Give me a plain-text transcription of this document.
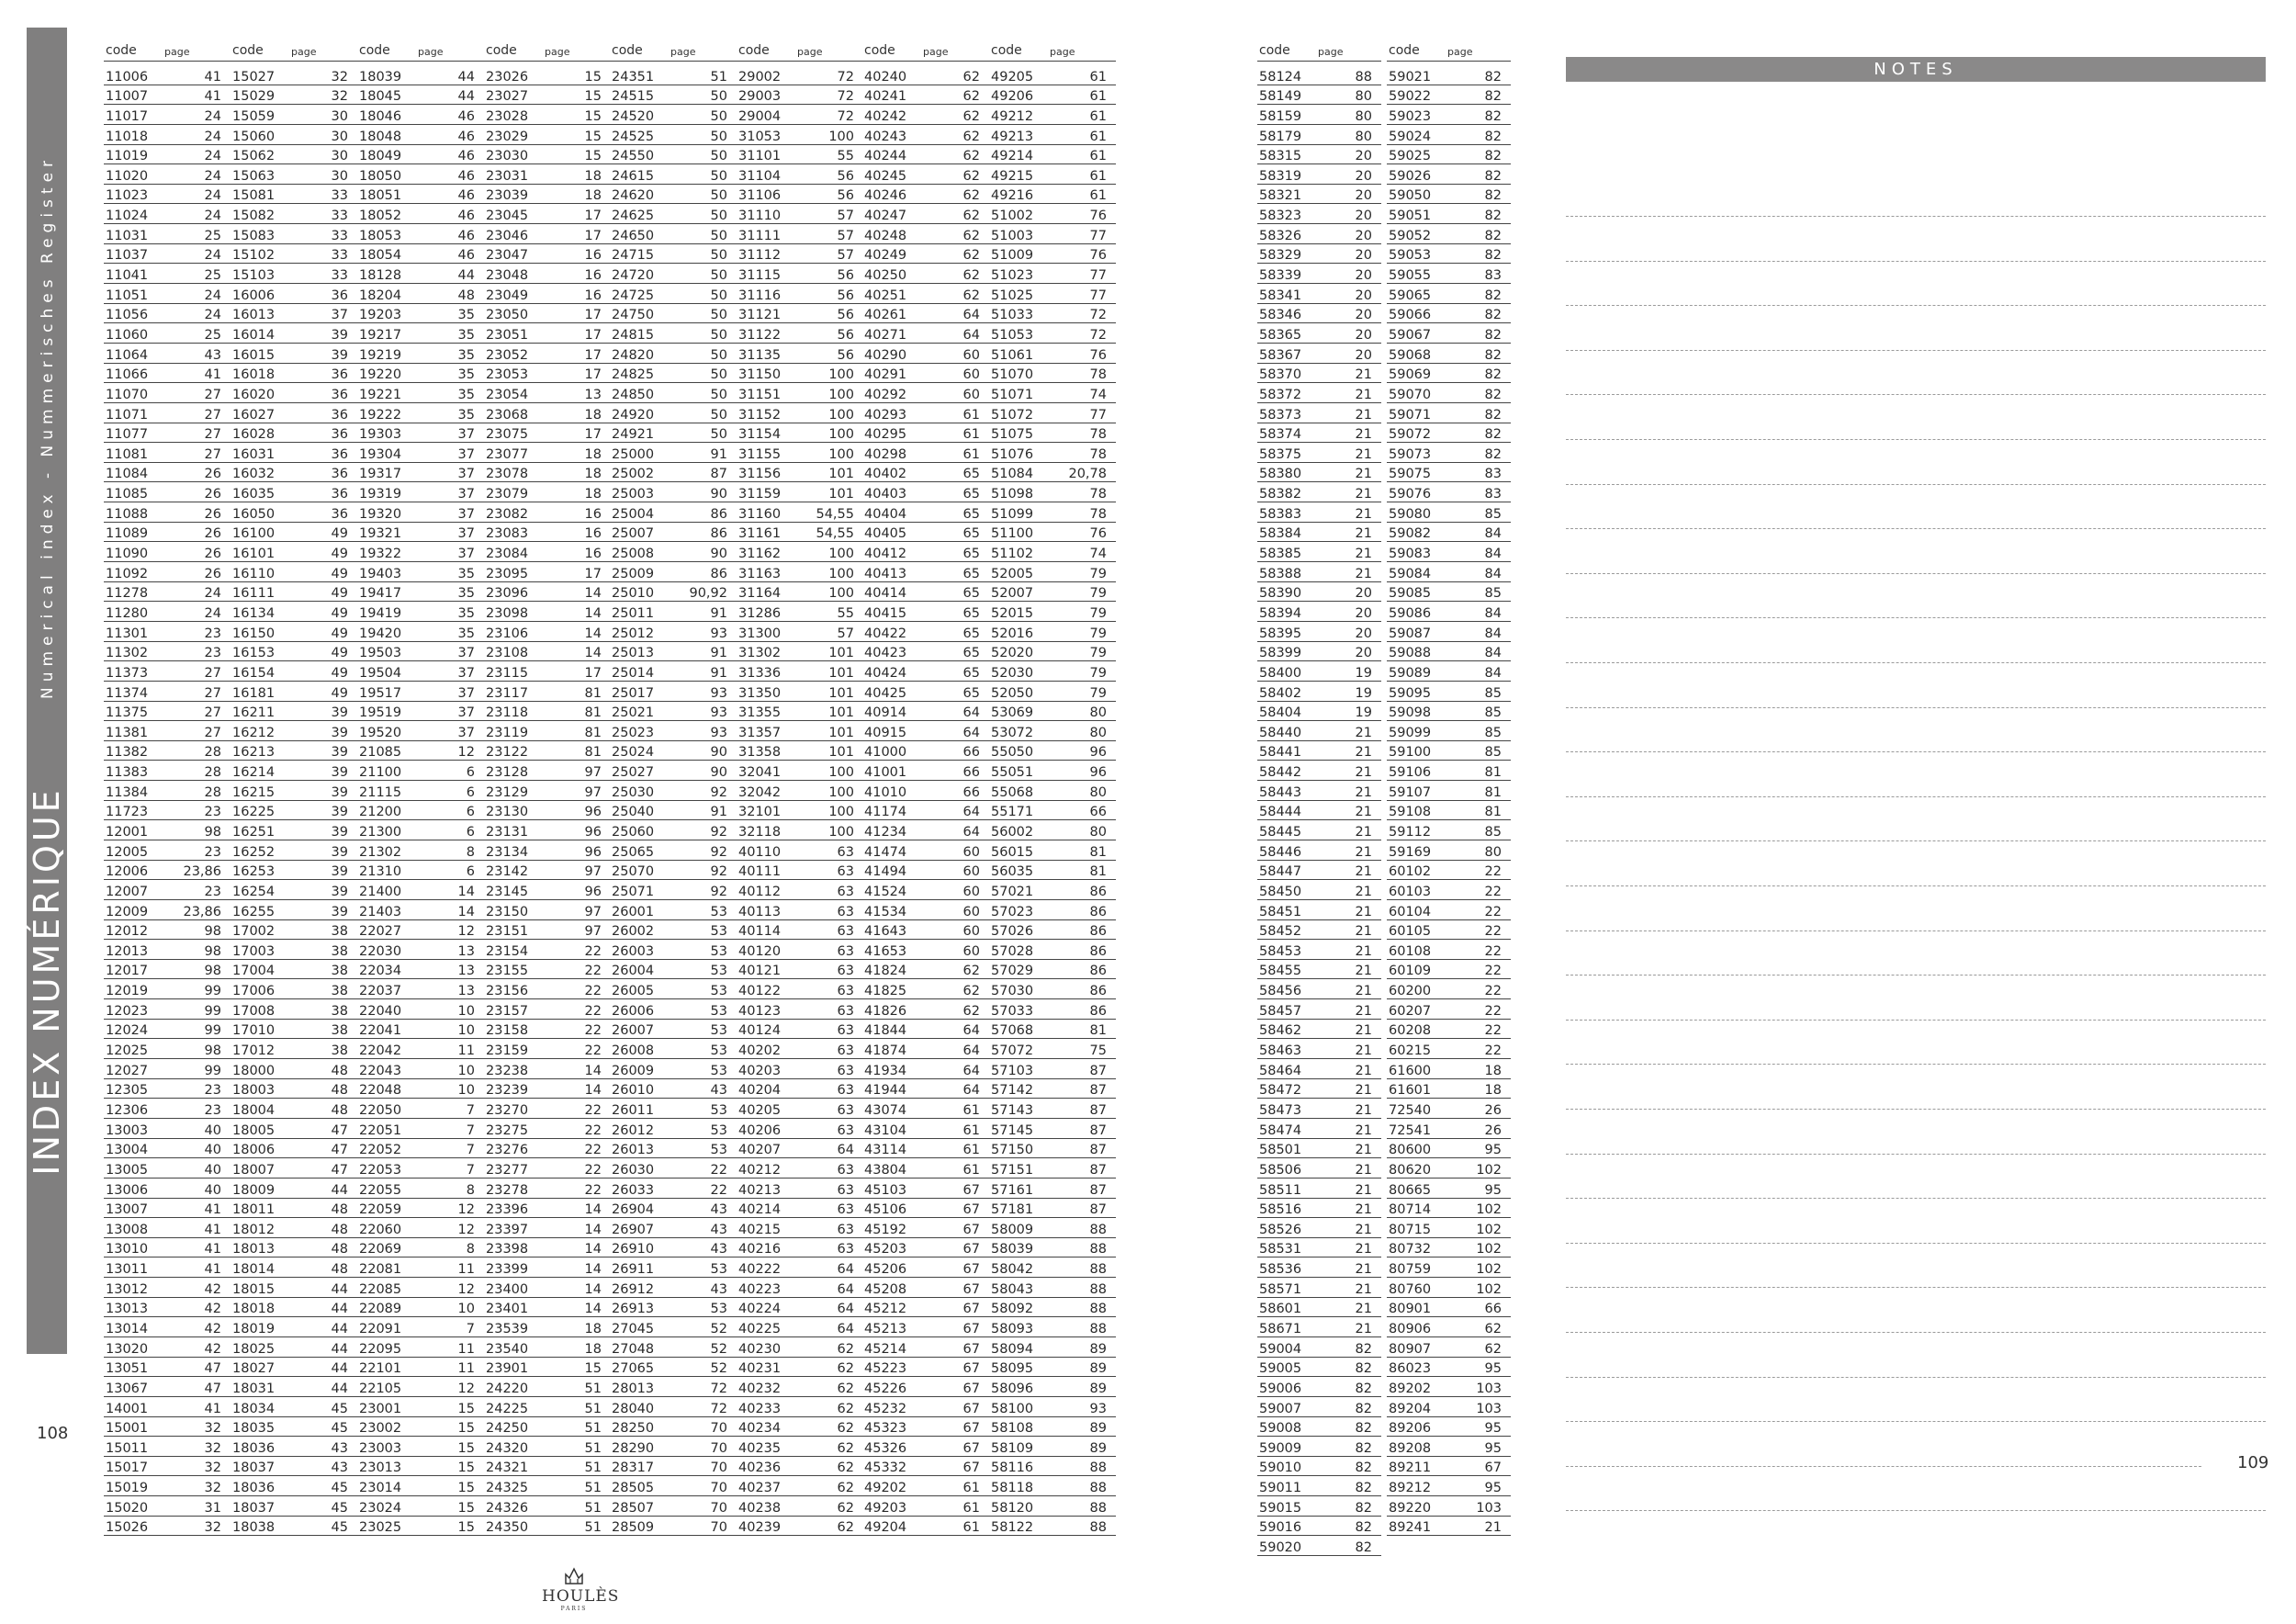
INDEX NUMÉRIQUE
Numerical index - Nummerisches Register
108
109
code	page
11006	41
11007	41
11017	24
11018	24
11019	24
11020	24
11023	24
11024	24
11031	25
11037	24
11041	25
11051	24
11056	24
11060	25
11064	43
11066	41
11070	27
11071	27
11077	27
11081	27
11084	26
11085	26
11088	26
11089	26
11090	26
11092	26
11278	24
11280	24
11301	23
11302	23
11373	27
11374	27
11375	27
11381	27
11382	28
11383	28
11384	28
11723	23
12001	98
12005	23
12006	23,86
12007	23
12009	23,86
12012	98
12013	98
12017	98
12019	99
12023	99
12024	99
12025	98
12027	99
12305	23
12306	23
13003	40
13004	40
13005	40
13006	40
13007	41
13008	41
13010	41
13011	41
13012	42
13013	42
13014	42
13020	42
13051	47
13067	47
14001	41
15001	32
15011	32
15017	32
15019	32
15020	31
15026	32
code	page
15027	32
15029	32
15059	30
15060	30
15062	30
15063	30
15081	33
15082	33
15083	33
15102	33
15103	33
16006	36
16013	37
16014	39
16015	39
16018	36
16020	36
16027	36
16028	36
16031	36
16032	36
16035	36
16050	36
16100	49
16101	49
16110	49
16111	49
16134	49
16150	49
16153	49
16154	49
16181	49
16211	39
16212	39
16213	39
16214	39
16215	39
16225	39
16251	39
16252	39
16253	39
16254	39
16255	39
17002	38
17003	38
17004	38
17006	38
17008	38
17010	38
17012	38
18000	48
18003	48
18004	48
18005	47
18006	47
18007	47
18009	44
18011	48
18012	48
18013	48
18014	48
18015	44
18018	44
18019	44
18025	44
18027	44
18031	44
18034	45
18035	45
18036	43
18037	43
18036	45
18037	45
18038	45
code	page
18039	44
18045	44
18046	46
18048	46
18049	46
18050	46
18051	46
18052	46
18053	46
18054	46
18128	44
18204	48
19203	35
19217	35
19219	35
19220	35
19221	35
19222	35
19303	37
19304	37
19317	37
19319	37
19320	37
19321	37
19322	37
19403	35
19417	35
19419	35
19420	35
19503	37
19504	37
19517	37
19519	37
19520	37
21085	12
21100	6
21115	6
21200	6
21300	6
21302	8
21310	6
21400	14
21403	14
22027	12
22030	13
22034	13
22037	13
22040	10
22041	10
22042	11
22043	10
22048	10
22050	7
22051	7
22052	7
22053	7
22055	8
22059	12
22060	12
22069	8
22081	11
22085	12
22089	10
22091	7
22095	11
22101	11
22105	12
23001	15
23002	15
23003	15
23013	15
23014	15
23024	15
23025	15
code	page
23026	15
23027	15
23028	15
23029	15
23030	15
23031	18
23039	18
23045	17
23046	17
23047	16
23048	16
23049	16
23050	17
23051	17
23052	17
23053	17
23054	13
23068	18
23075	17
23077	18
23078	18
23079	18
23082	16
23083	16
23084	16
23095	17
23096	14
23098	14
23106	14
23108	14
23115	17
23117	81
23118	81
23119	81
23122	81
23128	97
23129	97
23130	96
23131	96
23134	96
23142	97
23145	96
23150	97
23151	97
23154	22
23155	22
23156	22
23157	22
23158	22
23159	22
23238	14
23239	14
23270	22
23275	22
23276	22
23277	22
23278	22
23396	14
23397	14
23398	14
23399	14
23400	14
23401	14
23539	18
23540	18
23901	15
24220	51
24225	51
24250	51
24320	51
24321	51
24325	51
24326	51
24350	51
code	page
24351	51
24515	50
24520	50
24525	50
24550	50
24615	50
24620	50
24625	50
24650	50
24715	50
24720	50
24725	50
24750	50
24815	50
24820	50
24825	50
24850	50
24920	50
24921	50
25000	91
25002	87
25003	90
25004	86
25007	86
25008	90
25009	86
25010	90,92
25011	91
25012	93
25013	91
25014	91
25017	93
25021	93
25023	93
25024	90
25027	90
25030	92
25040	91
25060	92
25065	92
25070	92
25071	92
26001	53
26002	53
26003	53
26004	53
26005	53
26006	53
26007	53
26008	53
26009	53
26010	43
26011	53
26012	53
26013	53
26030	22
26033	22
26904	43
26907	43
26910	43
26911	53
26912	43
26913	53
27045	52
27048	52
27065	52
28013	72
28040	72
28250	70
28290	70
28317	70
28505	70
28507	70
28509	70
code	page
29002	72
29003	72
29004	72
31053	100
31101	55
31104	56
31106	56
31110	57
31111	57
31112	57
31115	56
31116	56
31121	56
31122	56
31135	56
31150	100
31151	100
31152	100
31154	100
31155	100
31156	101
31159	101
31160	54,55
31161	54,55
31162	100
31163	100
31164	100
31286	55
31300	57
31302	101
31336	101
31350	101
31355	101
31357	101
31358	101
32041	100
32042	100
32101	100
32118	100
40110	63
40111	63
40112	63
40113	63
40114	63
40120	63
40121	63
40122	63
40123	63
40124	63
40202	63
40203	63
40204	63
40205	63
40206	63
40207	64
40212	63
40213	63
40214	63
40215	63
40216	63
40222	64
40223	64
40224	64
40225	64
40230	62
40231	62
40232	62
40233	62
40234	62
40235	62
40236	62
40237	62
40238	62
40239	62
code	page
40240	62
40241	62
40242	62
40243	62
40244	62
40245	62
40246	62
40247	62
40248	62
40249	62
40250	62
40251	62
40261	64
40271	64
40290	60
40291	60
40292	60
40293	61
40295	61
40298	61
40402	65
40403	65
40404	65
40405	65
40412	65
40413	65
40414	65
40415	65
40422	65
40423	65
40424	65
40425	65
40914	64
40915	64
41000	66
41001	66
41010	66
41174	64
41234	64
41474	60
41494	60
41524	60
41534	60
41643	60
41653	60
41824	62
41825	62
41826	62
41844	64
41874	64
41934	64
41944	64
43074	61
43104	61
43114	61
43804	61
45103	67
45106	67
45192	67
45203	67
45206	67
45208	67
45212	67
45213	67
45214	67
45223	67
45226	67
45232	67
45323	67
45326	67
45332	67
49202	61
49203	61
49204	61
code	page
49205	61
49206	61
49212	61
49213	61
49214	61
49215	61
49216	61
51002	76
51003	77
51009	76
51023	77
51025	77
51033	72
51053	72
51061	76
51070	78
51071	74
51072	77
51075	78
51076	78
51084	20,78
51098	78
51099	78
51100	76
51102	74
52005	79
52007	79
52015	79
52016	79
52020	79
52030	79
52050	79
53069	80
53072	80
55050	96
55051	96
55068	80
55171	66
56002	80
56015	81
56035	81
57021	86
57023	86
57026	86
57028	86
57029	86
57030	86
57033	86
57068	81
57072	75
57103	87
57142	87
57143	87
57145	87
57150	87
57151	87
57161	87
57181	87
58009	88
58039	88
58042	88
58043	88
58092	88
58093	88
58094	89
58095	89
58096	89
58100	93
58108	89
58109	89
58116	88
58118	88
58120	88
58122	88
code	page
58124	88
58149	80
58159	80
58179	80
58315	20
58319	20
58321	20
58323	20
58326	20
58329	20
58339	20
58341	20
58346	20
58365	20
58367	20
58370	21
58372	21
58373	21
58374	21
58375	21
58380	21
58382	21
58383	21
58384	21
58385	21
58388	21
58390	20
58394	20
58395	20
58399	20
58400	19
58402	19
58404	19
58440	21
58441	21
58442	21
58443	21
58444	21
58445	21
58446	21
58447	21
58450	21
58451	21
58452	21
58453	21
58455	21
58456	21
58457	21
58462	21
58463	21
58464	21
58472	21
58473	21
58474	21
58501	21
58506	21
58511	21
58516	21
58526	21
58531	21
58536	21
58571	21
58601	21
58671	21
59004	82
59005	82
59006	82
59007	82
59008	82
59009	82
59010	82
59011	82
59015	82
59016	82
59020	82
code	page
59021	82
59022	82
59023	82
59024	82
59025	82
59026	82
59050	82
59051	82
59052	82
59053	82
59055	83
59065	82
59066	82
59067	82
59068	82
59069	82
59070	82
59071	82
59072	82
59073	82
59075	83
59076	83
59080	85
59082	84
59083	84
59084	84
59085	85
59086	84
59087	84
59088	84
59089	84
59095	85
59098	85
59099	85
59100	85
59106	81
59107	81
59108	81
59112	85
59169	80
60102	22
60103	22
60104	22
60105	22
60108	22
60109	22
60200	22
60207	22
60208	22
60215	22
61600	18
61601	18
72540	26
72541	26
80600	95
80620	102
80665	95
80714	102
80715	102
80732	102
80759	102
80760	102
80901	66
80906	62
80907	62
86023	95
89202	103
89204	103
89206	95
89208	95
89211	67
89212	95
89220	103
89241	21
NOTES
HOULÈS
PARIS
